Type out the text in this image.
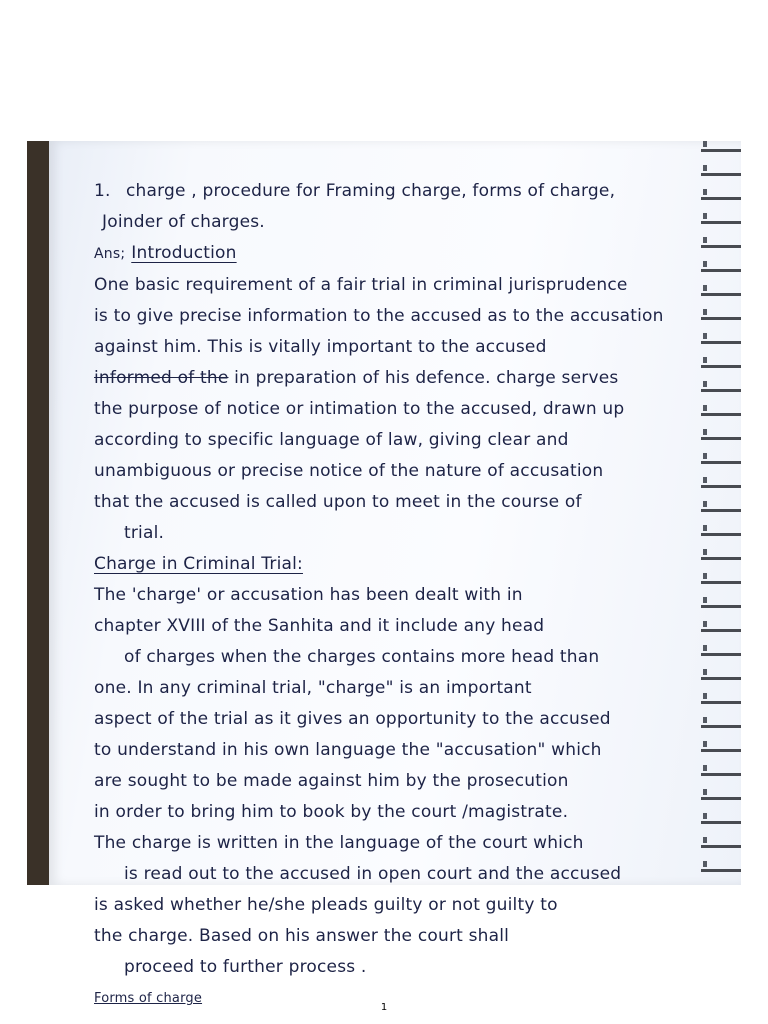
1. charge , procedure for Framing charge, forms of charge,
Joinder of charges.
Ans; Introduction
One basic requirement of a fair trial in criminal jurisprudence
is to give precise information to the accused as to the accusation
against him. This is vitally important to the accused
informed of the in preparation of his defence. charge serves
the purpose of notice or intimation to the accused, drawn up
according to specific language of law, giving clear and
unambiguous or precise notice of the nature of accusation
that the accused is called upon to meet in the course of
trial.
Charge in Criminal Trial:
The 'charge' or accusation has been dealt with in
chapter XVIII of the Sanhita and it include any head
of charges when the charges contains more head than
one. In any criminal trial, "charge" is an important
aspect of the trial as it gives an opportunity to the accused
to understand in his own language the "accusation" which
are sought to be made against him by the prosecution
in order to bring him to book by the court /magistrate.
The charge is written in the language of the court which
is read out to the accused in open court and the accused
is asked whether he/she pleads guilty or not guilty to
the charge. Based on his answer the court shall
proceed to further process .
Forms of charge
1
